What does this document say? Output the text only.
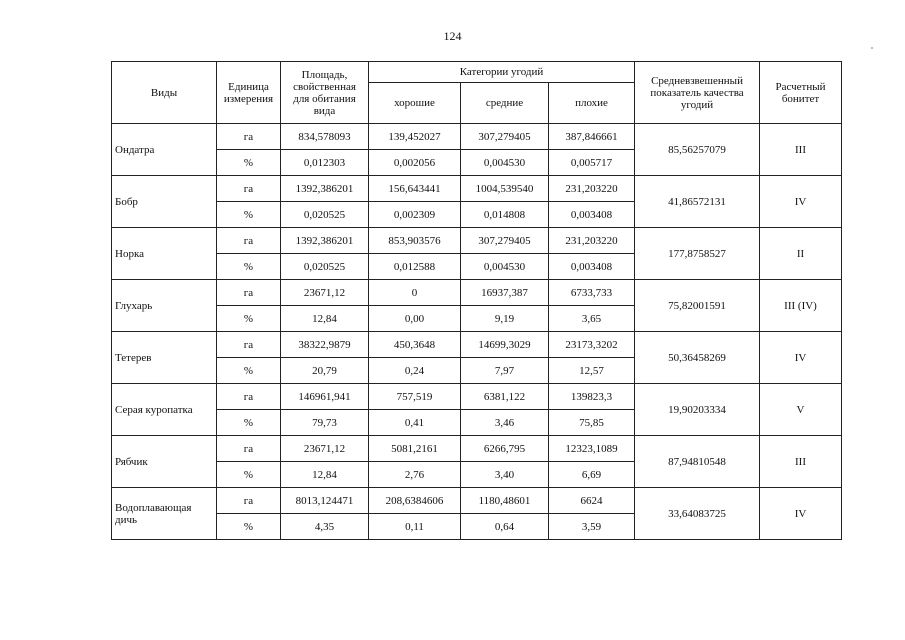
124
Виды	Единица измерения	Площадь, свойственная для обитания вида	Категории угодий			Средневзвешенный показатель качества угодий	Расчетный бонитет
			хорошие	средние	плохие		
Ондатра	га	834,578093	139,452027	307,279405	387,846661	85,56257079	III
	%	0,012303	0,002056	0,004530	0,005717		
Бобр	га	1392,386201	156,643441	1004,539540	231,203220	41,86572131	IV
	%	0,020525	0,002309	0,014808	0,003408		
Норка	га	1392,386201	853,903576	307,279405	231,203220	177,8758527	II
	%	0,020525	0,012588	0,004530	0,003408		
Глухарь	га	23671,12	0	16937,387	6733,733	75,82001591	III (IV)
	%	12,84	0,00	9,19	3,65		
Тетерев	га	38322,9879	450,3648	14699,3029	23173,3202	50,36458269	IV
	%	20,79	0,24	7,97	12,57		
Серая куропатка	га	146961,941	757,519	6381,122	139823,3	19,90203334	V
	%	79,73	0,41	3,46	75,85		
Рябчик	га	23671,12	5081,2161	6266,795	12323,1089	87,94810548	III
	%	12,84	2,76	3,40	6,69		
Водоплавающая дичь	га	8013,124471	208,6384606	1180,48601	6624	33,64083725	IV
	%	4,35	0,11	0,64	3,59		
